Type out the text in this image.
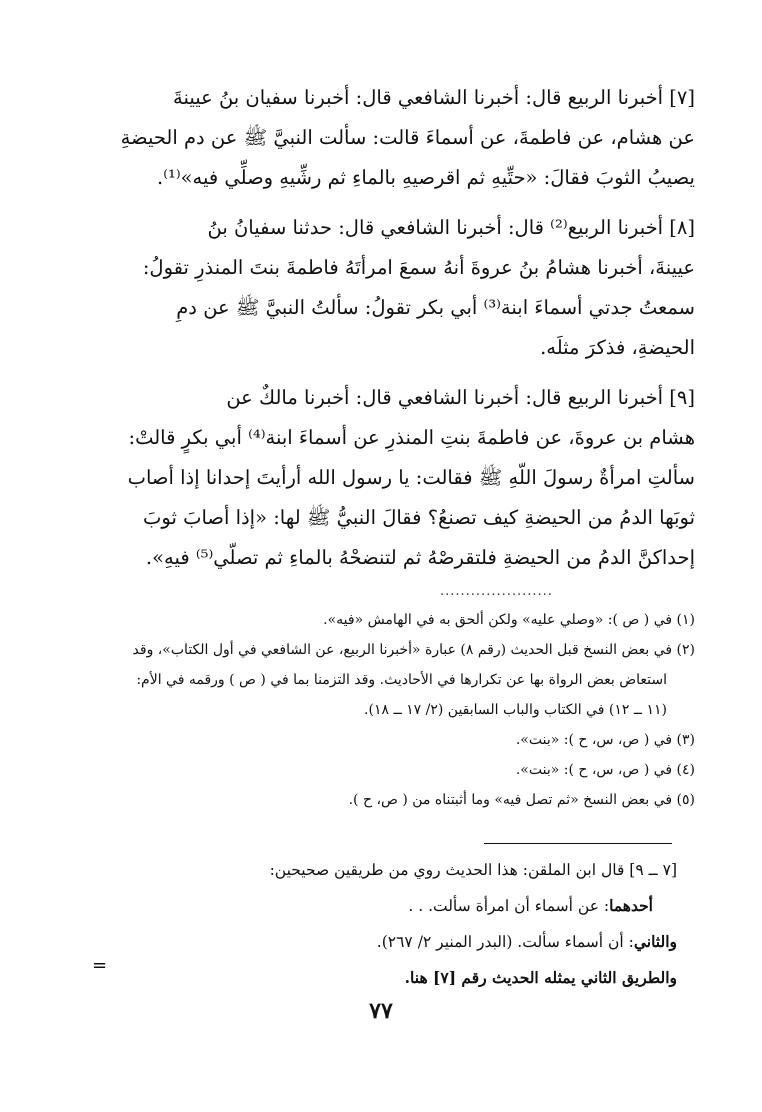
[٧] أخبرنا الربيع قال: أخبرنا الشافعي قال: أخبرنا سفيان بنُ عيينةَ
عن هشام، عن فاطمةَ، عن أسماءَ قالت: سألت النبيَّ ﷺ عن دم الحيضةِ
يصيبُ الثوبَ فقالَ: «حتِّيهِ ثم اقرصيهِ بالماءِ ثم رشِّيهِ وصلِّي فيه»⁽¹⁾.
[٨] أخبرنا الربيع⁽²⁾ قال: أخبرنا الشافعي قال: حدثنا سفيانُ بنُ
عيينةَ، أخبرنا هشامُ بنُ عروةَ أنهُ سمعَ امرأتَهُ فاطمةَ بنتَ المنذرِ تقولُ:
سمعتُ جدتي أسماءَ ابنة⁽³⁾ أبي بكر تقولُ: سألتُ النبيَّ ﷺ عن دمِ
الحيضةِ، فذكرَ مثلَه.
[٩] أخبرنا الربيع قال: أخبرنا الشافعي قال: أخبرنا مالكٌ عن
هشام بن عروةَ، عن فاطمةَ بنتِ المنذرِ عن أسماءَ ابنة⁽⁴⁾ أبي بكرٍ قالتْ:
سألتِ امرأةٌ رسولَ اللّهِ ﷺ فقالت: يا رسول الله أرأيتَ إحدانا إذا أصاب
ثوبَها الدمُ من الحيضةِ كيف تصنعُ؟ فقالَ النبيُّ ﷺ لها: «إذا أصابَ ثوبَ
إحداكنَّ الدمُ من الحيضةِ فلتقرصْهُ ثم لتنضحْهُ بالماءِ ثم تصلّي⁽⁵⁾ فيهِ».
......................
(١) في ( ص ): «وصلي عليه» ولكن ألحق به في الهامش «فيه».
(٢) في بعض النسخ قبل الحديث (رقم ٨) عبارة «أخبرنا الربيع، عن الشافعي في أول الكتاب»، وقد
استعاض بعض الرواة بها عن تكرارها في الأحاديث. وقد التزمنا بما في ( ص ) ورقمه في الأم:
(١١ ــ ١٢) في الكتاب والباب السابقين (٢/ ١٧ ــ ١٨).
(٣) في ( ص، س، ح ): «بنت».
(٤) في ( ص، س، ح ): «بنت».
(٥) في بعض النسخ «ثم تصل فيه» وما أثبتناه من ( ص، ح ).
[٧ ــ ٩] قال ابن الملقن: هذا الحديث روي من طريقين صحيحين:
أحدهما: عن أسماء أن امرأة سألت. . .
والثاني: أن أسماء سألت. (البدر المنير ٢/ ٢٦٧).
والطريق الثاني يمثله الحديث رقم [٧] هنا.
=
٧٧
